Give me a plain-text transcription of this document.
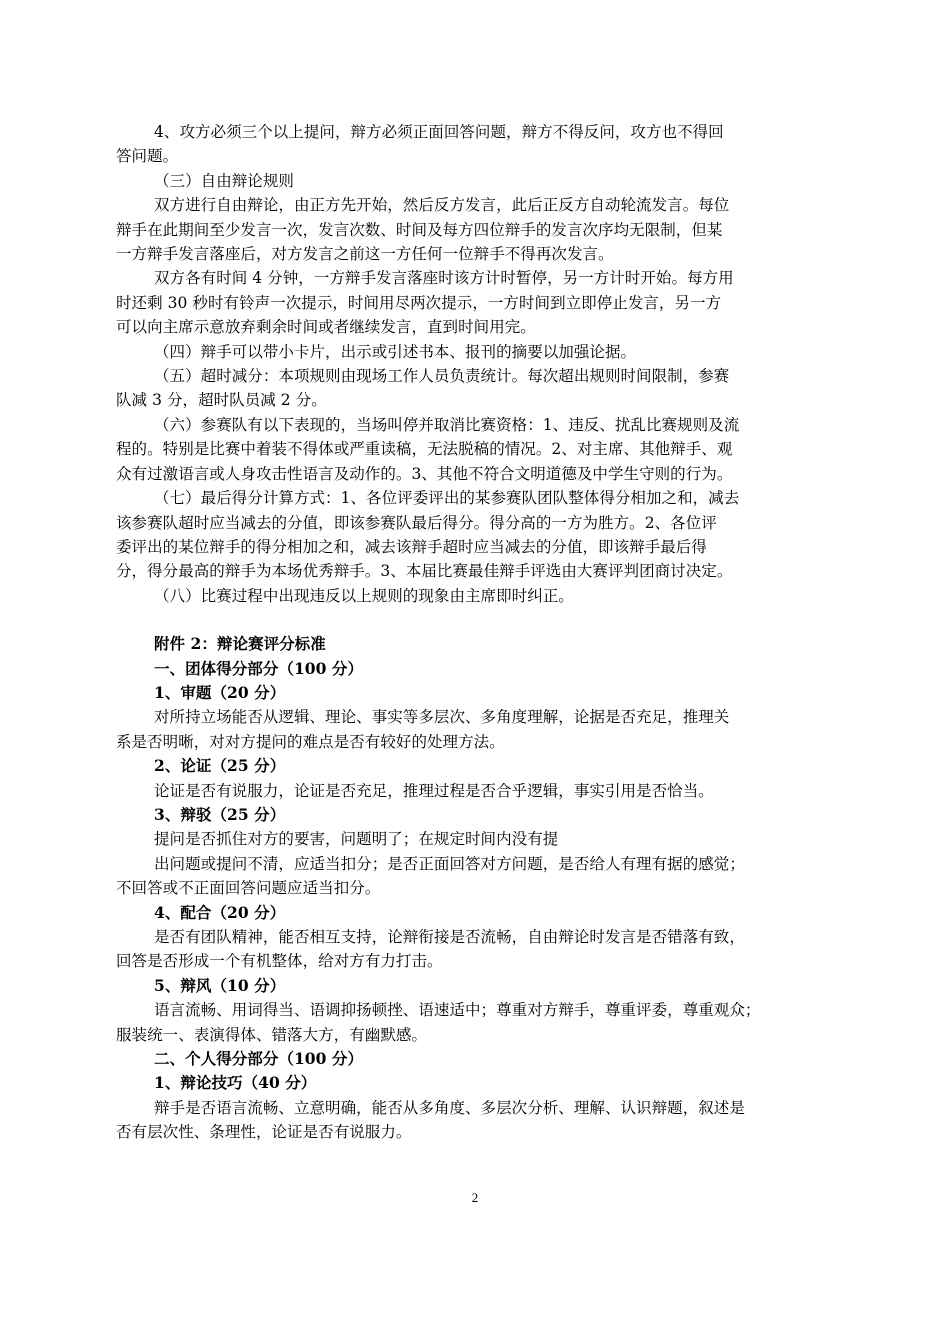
4、攻方必须三个以上提问，辩方必须正面回答问题，辩方不得反问，攻方也不得回
答问题。
（三）自由辩论规则
双方进行自由辩论，由正方先开始，然后反方发言，此后正反方自动轮流发言。每位
辩手在此期间至少发言一次，发言次数、时间及每方四位辩手的发言次序均无限制，但某
一方辩手发言落座后，对方发言之前这一方任何一位辩手不得再次发言。
双方各有时间 4 分钟，一方辩手发言落座时该方计时暂停，另一方计时开始。每方用
时还剩 30 秒时有铃声一次提示，时间用尽两次提示，一方时间到立即停止发言，另一方
可以向主席示意放弃剩余时间或者继续发言，直到时间用完。
（四）辩手可以带小卡片，出示或引述书本、报刊的摘要以加强论据。
（五）超时减分：本项规则由现场工作人员负责统计。每次超出规则时间限制，参赛
队减 3 分，超时队员减 2 分。
（六）参赛队有以下表现的，当场叫停并取消比赛资格：1、违反、扰乱比赛规则及流
程的。特别是比赛中着装不得体或严重读稿，无法脱稿的情况。2、对主席、其他辩手、观
众有过激语言或人身攻击性语言及动作的。3、其他不符合文明道德及中学生守则的行为。
（七）最后得分计算方式：1、各位评委评出的某参赛队团队整体得分相加之和，减去
该参赛队超时应当减去的分值，即该参赛队最后得分。得分高的一方为胜方。2、各位评
委评出的某位辩手的得分相加之和，减去该辩手超时应当减去的分值，即该辩手最后得
分，得分最高的辩手为本场优秀辩手。3、本届比赛最佳辩手评选由大赛评判团商讨决定。
（八）比赛过程中出现违反以上规则的现象由主席即时纠正。
附件 2：辩论赛评分标准
一、团体得分部分（100 分）
1、审题（20 分）
对所持立场能否从逻辑、理论、事实等多层次、多角度理解，论据是否充足，推理关
系是否明晰，对对方提问的难点是否有较好的处理方法。
2、论证（25 分）
论证是否有说服力，论证是否充足，推理过程是否合乎逻辑，事实引用是否恰当。
3、辩驳（25 分）
提问是否抓住对方的要害，问题明了；在规定时间内没有提
出问题或提问不清，应适当扣分；是否正面回答对方问题，是否给人有理有据的感觉；
不回答或不正面回答问题应适当扣分。
4、配合（20 分）
是否有团队精神，能否相互支持，论辩衔接是否流畅，自由辩论时发言是否错落有致，
回答是否形成一个有机整体，给对方有力打击。
5、辩风（10 分）
语言流畅、用词得当、语调抑扬顿挫、语速适中；尊重对方辩手，尊重评委，尊重观众；
服装统一、表演得体、错落大方，有幽默感。
二、个人得分部分（100 分）
1、辩论技巧（40 分）
辩手是否语言流畅、立意明确，能否从多角度、多层次分析、理解、认识辩题，叙述是
否有层次性、条理性，论证是否有说服力。
2
